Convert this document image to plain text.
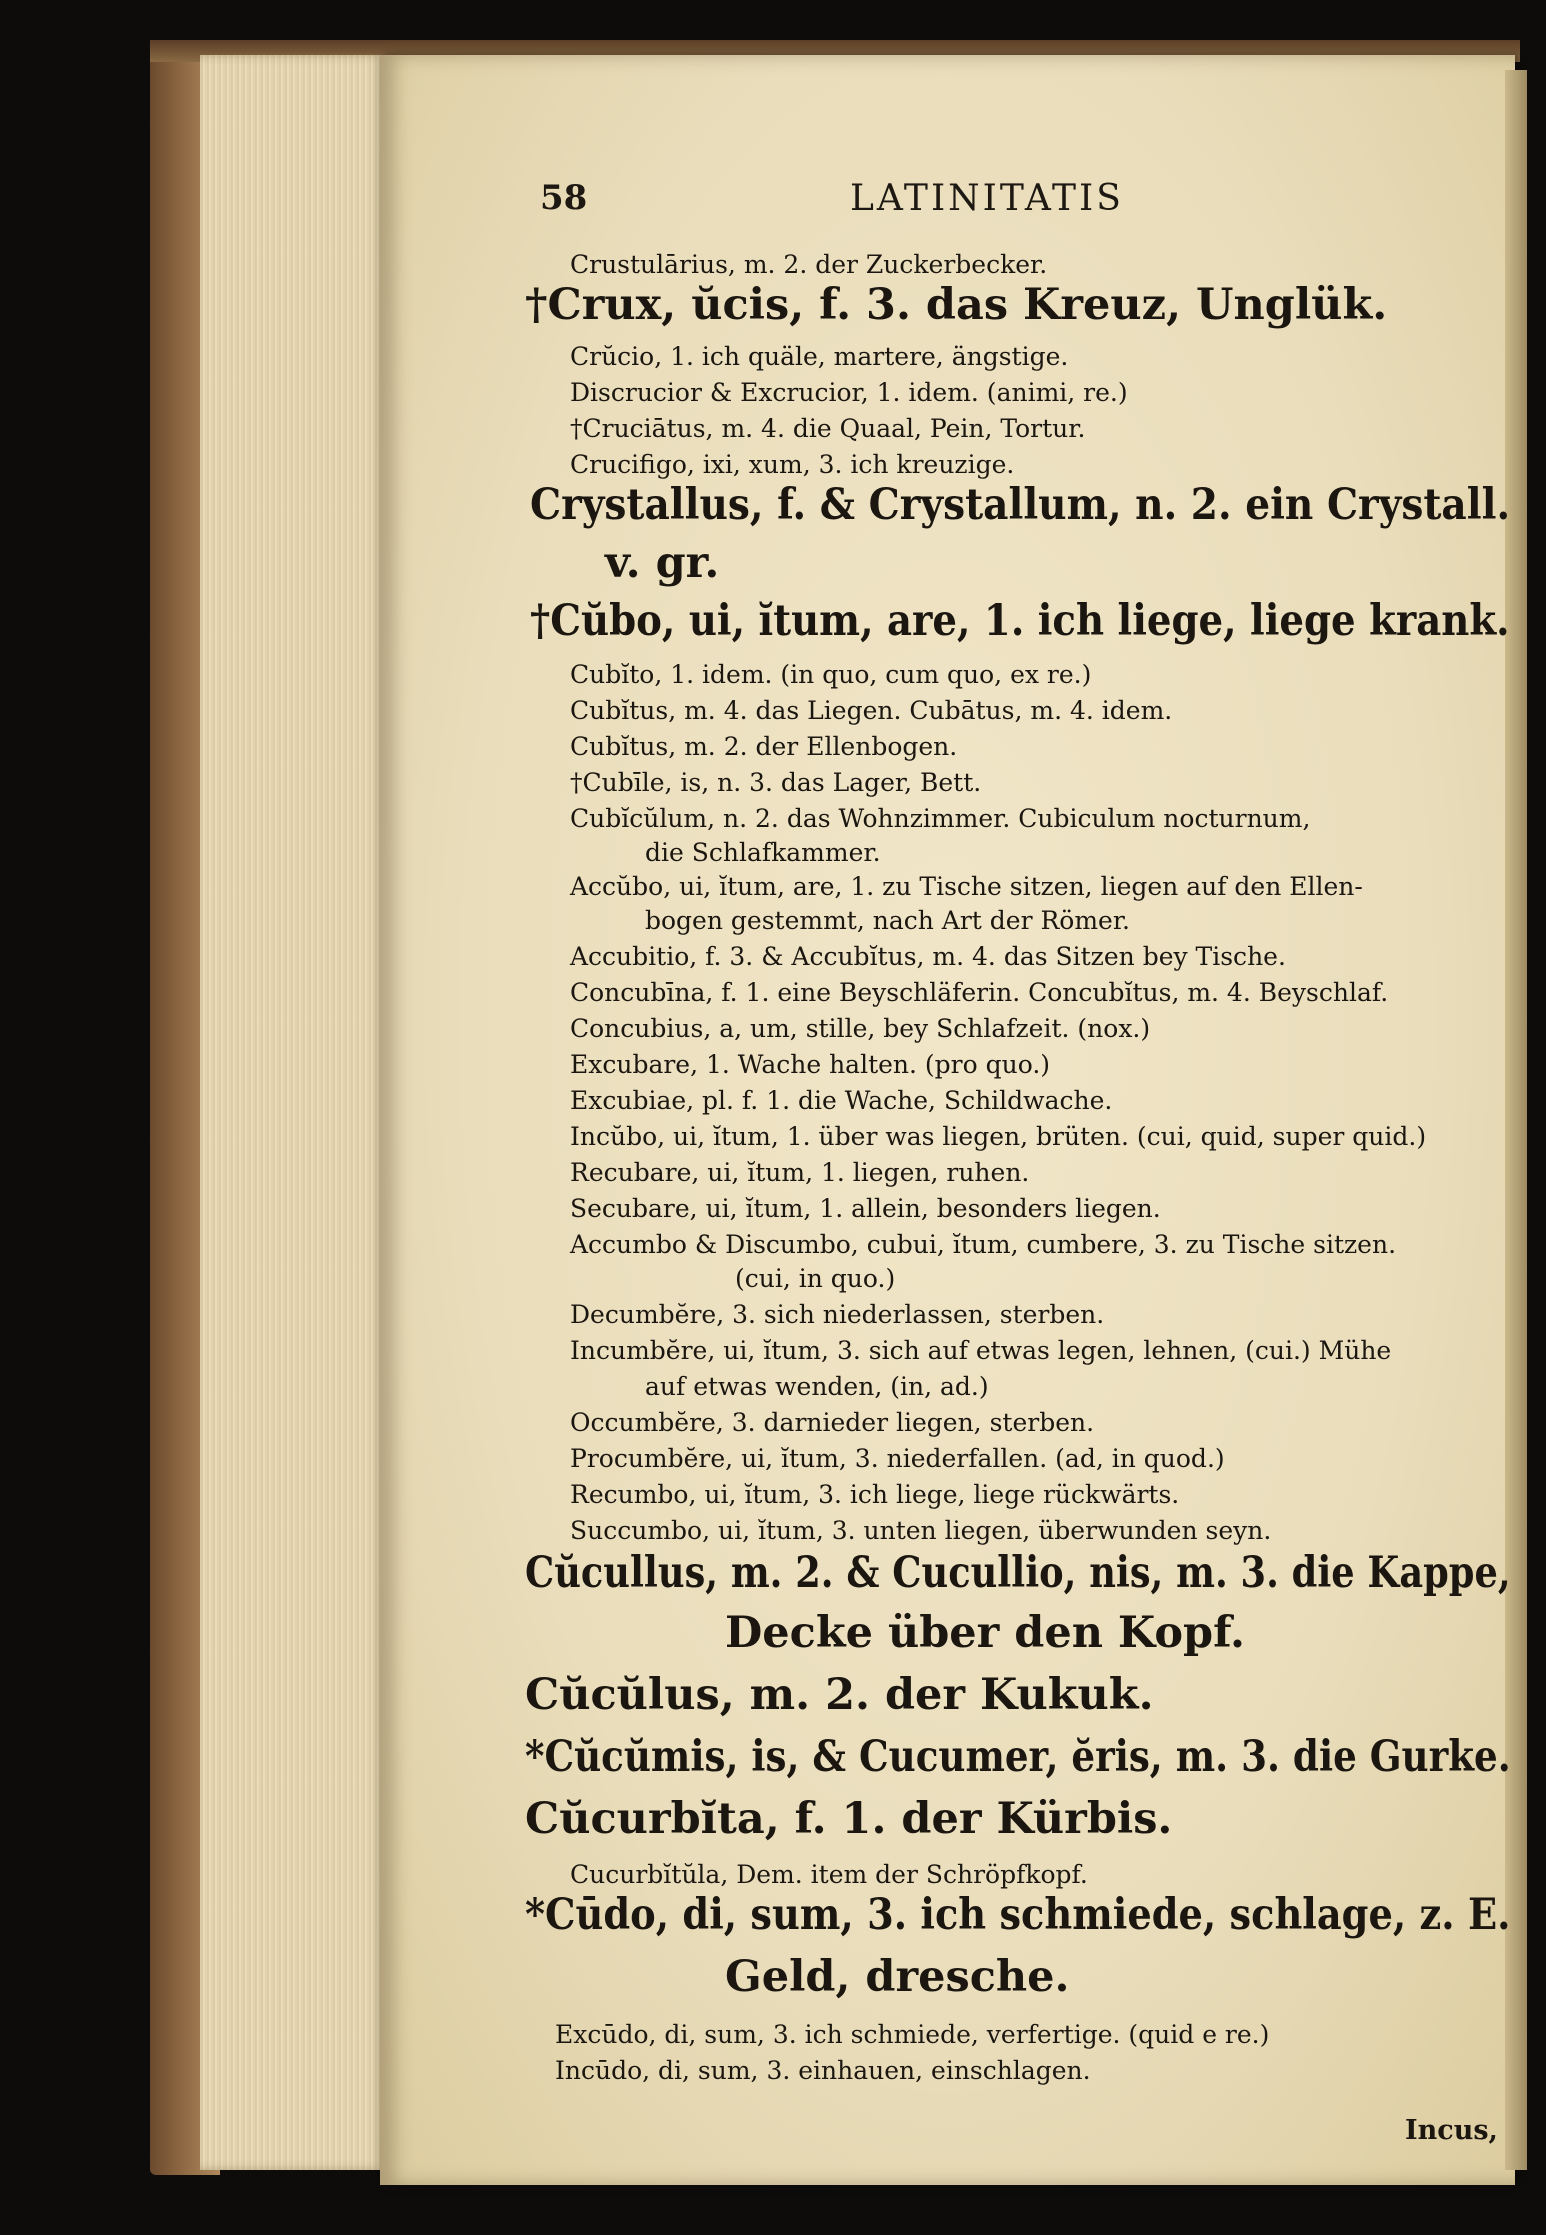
58	LATINITATIS
Crustulārius, m. 2. der Zuckerbecker.
†Crux, ŭcis, f. 3. das Kreuz, Unglük.
Crŭcio, 1. ich quäle, martere, ängstige.
Discrucior & Excrucior, 1. idem. (animi, re.)
†Cruciātus, m. 4. die Quaal, Pein, Tortur.
Crucifigo, ixi, xum, 3. ich kreuzige.
Crystallus, f. & Crystallum, n. 2. ein Crystall.
v. gr.
†Cŭbo, ui, ĭtum, are, 1. ich liege, liege krank.
Cubĭto, 1. idem. (in quo, cum quo, ex re.)
Cubĭtus, m. 4. das Liegen. Cubātus, m. 4. idem.
Cubĭtus, m. 2. der Ellenbogen.
†Cubīle, is, n. 3. das Lager, Bett.
Cubĭcŭlum, n. 2. das Wohnzimmer. Cubiculum nocturnum,
die Schlafkammer.
Accŭbo, ui, ĭtum, are, 1. zu Tische sitzen, liegen auf den Ellen-
bogen gestemmt, nach Art der Römer.
Accubitio, f. 3. & Accubĭtus, m. 4. das Sitzen bey Tische.
Concubīna, f. 1. eine Beyschläferin. Concubĭtus, m. 4. Beyschlaf.
Concubius, a, um, stille, bey Schlafzeit. (nox.)
Excubare, 1. Wache halten. (pro quo.)
Excubiae, pl. f. 1. die Wache, Schildwache.
Incŭbo, ui, ĭtum, 1. über was liegen, brüten. (cui, quid, super quid.)
Recubare, ui, ĭtum, 1. liegen, ruhen.
Secubare, ui, ĭtum, 1. allein, besonders liegen.
Accumbo & Discumbo, cubui, ĭtum, cumbere, 3. zu Tische sitzen.
(cui, in quo.)
Decumbĕre, 3. sich niederlassen, sterben.
Incumbĕre, ui, ĭtum, 3. sich auf etwas legen, lehnen, (cui.) Mühe
auf etwas wenden, (in, ad.)
Occumbĕre, 3. darnieder liegen, sterben.
Procumbĕre, ui, ĭtum, 3. niederfallen. (ad, in quod.)
Recumbo, ui, ĭtum, 3. ich liege, liege rückwärts.
Succumbo, ui, ĭtum, 3. unten liegen, überwunden seyn.
Cŭcullus, m. 2. & Cucullio, nis, m. 3. die Kappe,
Decke über den Kopf.
Cŭcŭlus, m. 2. der Kukuk.
*Cŭcŭmis, is, & Cucumer, ĕris, m. 3. die Gurke.
Cŭcurbĭta, f. 1. der Kürbis.
Cucurbĭtŭla, Dem. item der Schröpfkopf.
*Cūdo, di, sum, 3. ich schmiede, schlage, z. E.
Geld, dresche.
Excūdo, di, sum, 3. ich schmiede, verfertige. (quid e re.)
Incūdo, di, sum, 3. einhauen, einschlagen.
Incus,
